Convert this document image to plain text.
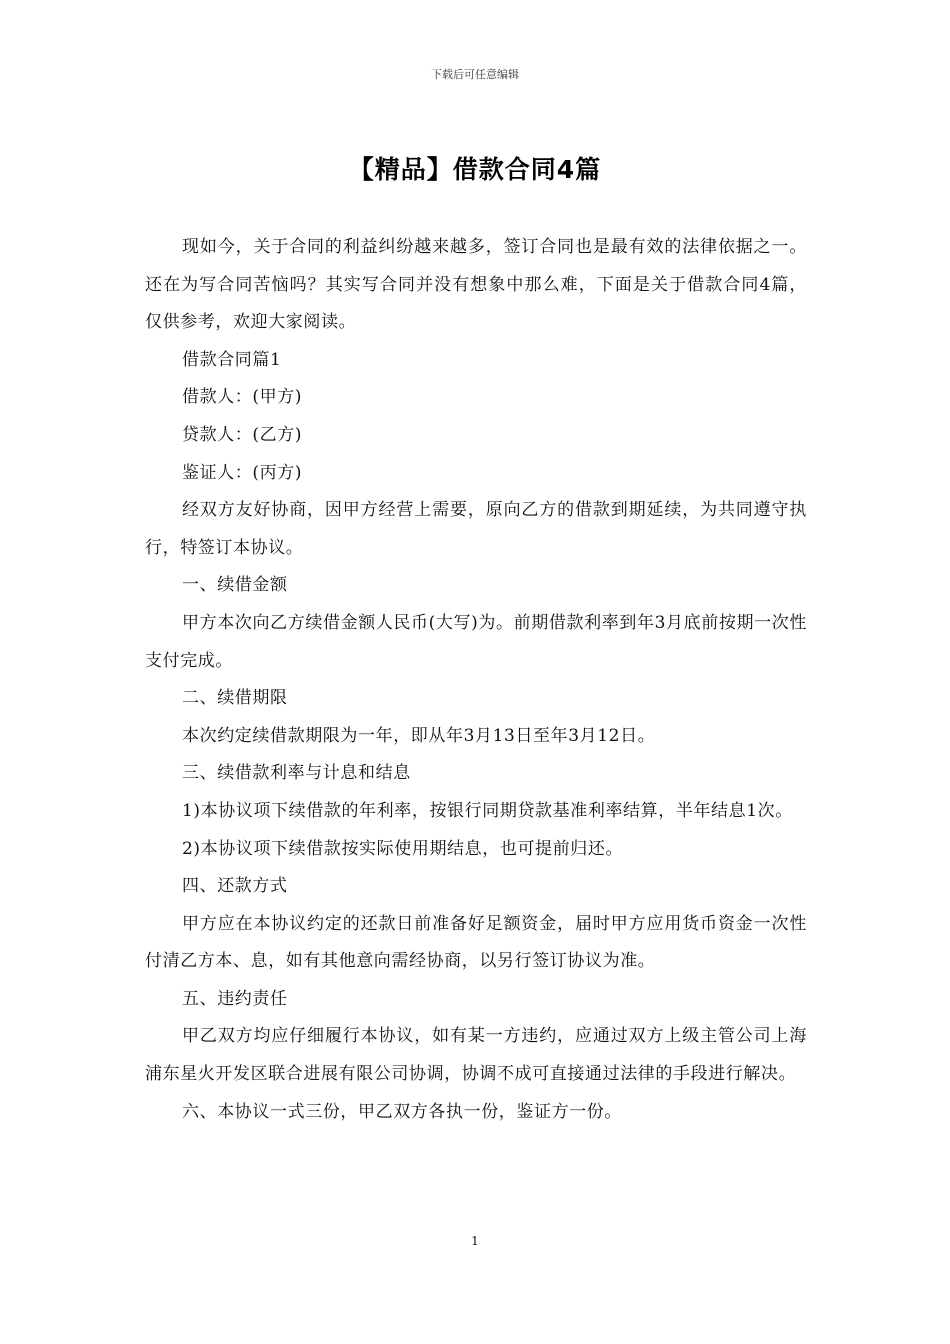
下载后可任意编辑
【精品】借款合同4篇

现如今，关于合同的利益纠纷越来越多，签订合同也是最有效的法律依据之一。还在为写合同苦恼吗？其实写合同并没有想象中那么难，下面是关于借款合同4篇，仅供参考，欢迎大家阅读。

借款合同篇1

借款人：(甲方)

贷款人：(乙方)

鉴证人：(丙方)

经双方友好协商，因甲方经营上需要，原向乙方的借款到期延续，为共同遵守执行，特签订本协议。

一、续借金额

甲方本次向乙方续借金额人民币(大写)为。前期借款利率到年3月底前按期一次性支付完成。

二、续借期限

本次约定续借款期限为一年，即从年3月13日至年3月12日。

三、续借款利率与计息和结息

1)本协议项下续借款的年利率，按银行同期贷款基准利率结算，半年结息1次。

2)本协议项下续借款按实际使用期结息，也可提前归还。

四、还款方式

甲方应在本协议约定的还款日前准备好足额资金，届时甲方应用货币资金一次性付清乙方本、息，如有其他意向需经协商，以另行签订协议为准。

五、违约责任

甲乙双方均应仔细履行本协议，如有某一方违约，应通过双方上级主管公司上海浦东星火开发区联合进展有限公司协调，协调不成可直接通过法律的手段进行解决。

六、本协议一式三份，甲乙双方各执一份，鉴证方一份。

1
